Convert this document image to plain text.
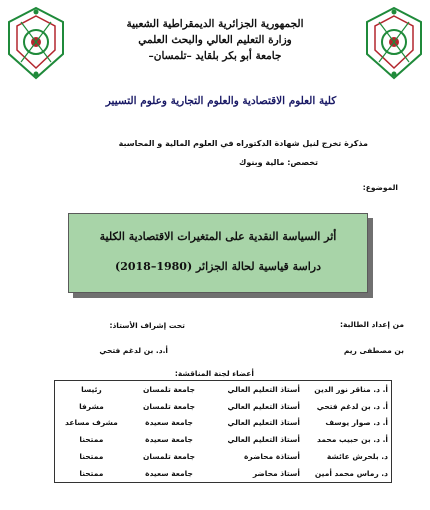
الجمهورية الجزائرية الديمقراطية الشعبية
وزارة التعليم العالي والبحث العلمي
جامعة أبو بكر بلقايد –تلمسان–
كلية العلوم الاقتصادية والعلوم التجارية وعلوم التسيير
مذكرة تخرج لنيل شهادة الدكتوراه في العلوم المالية و المحاسبة
تخصص: مالية وبنوك
الموضوع:
أثر السياسة النقدية على المتغيرات الاقتصادية الكلية
دراسة قياسية لحالة الجزائر (1980–2018)
من إعداد الطالبة:
بن مصطفى ريم
تحت إشراف الأستاذ:
أ.د. بن لدغم فتحي
أعضاء لجنة المناقشة:
أ. د. مناقر نور الدين	أستاذ التعليم العالي	جامعة تلمسان	رئيسا
أ. د. بن لدغم فتحي	أستاذ التعليم العالي	جامعة تلمسان	مشرفا
أ. د. صوار يوسف	أستاذ التعليم العالي	جامعة سعيدة	مشرف مساعد
أ. د. بن حبيب محمد	أستاذ التعليم العالي	جامعة سعيدة	ممتحنا
د. بلحرش عائشة	أستاذة محاضرة	جامعة تلمسان	ممتحنا
د. رماس محمد أمين	أستاذ محاضر	جامعة سعيدة	ممتحنا
